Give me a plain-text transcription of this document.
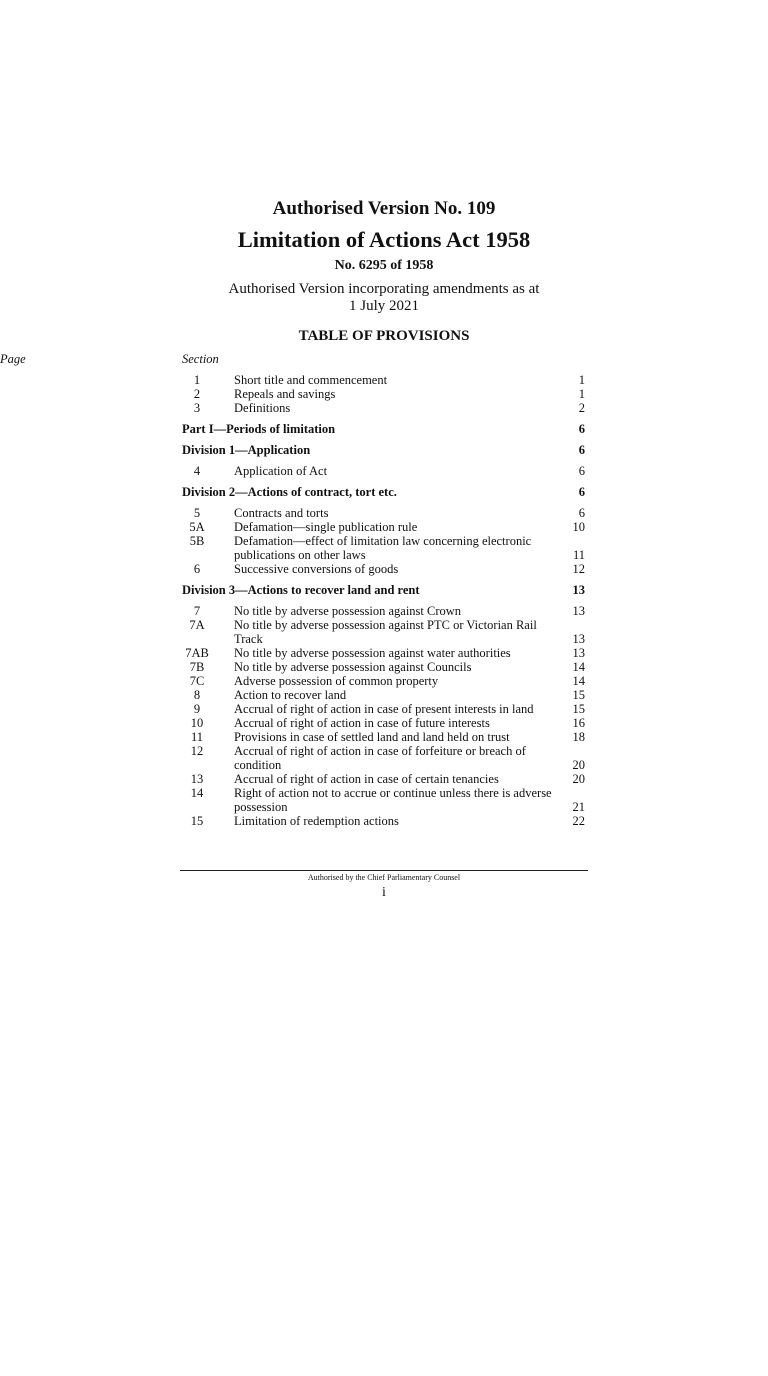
Authorised Version No. 109
Limitation of Actions Act 1958
No. 6295 of 1958
Authorised Version incorporating amendments as at
1 July 2021
TABLE OF PROVISIONS
Section
Page
1	Short title and commencement	1
2	Repeals and savings	1
3	Definitions	2
Part I—Periods of limitation	6
Division 1—Application	6
4	Application of Act	6
Division 2—Actions of contract, tort etc.	6
5	Contracts and torts	6
5A	Defamation—single publication rule	10
5B	Defamation—effect of limitation law concerning electronic publications on other laws	11
6	Successive conversions of goods	12
Division 3—Actions to recover land and rent	13
7	No title by adverse possession against Crown	13
7A	No title by adverse possession against PTC or Victorian Rail Track	13
7AB No title by adverse possession against water authorities	13
7B	No title by adverse possession against Councils	14
7C	Adverse possession of common property	14
8	Action to recover land	15
9	Accrual of right of action in case of present interests in land	15
10	Accrual of right of action in case of future interests	16
11	Provisions in case of settled land and land held on trust	18
12	Accrual of right of action in case of forfeiture or breach of condition	20
13	Accrual of right of action in case of certain tenancies	20
14	Right of action not to accrue or continue unless there is adverse possession	21
15	Limitation of redemption actions	22
Authorised by the Chief Parliamentary Counsel
i
